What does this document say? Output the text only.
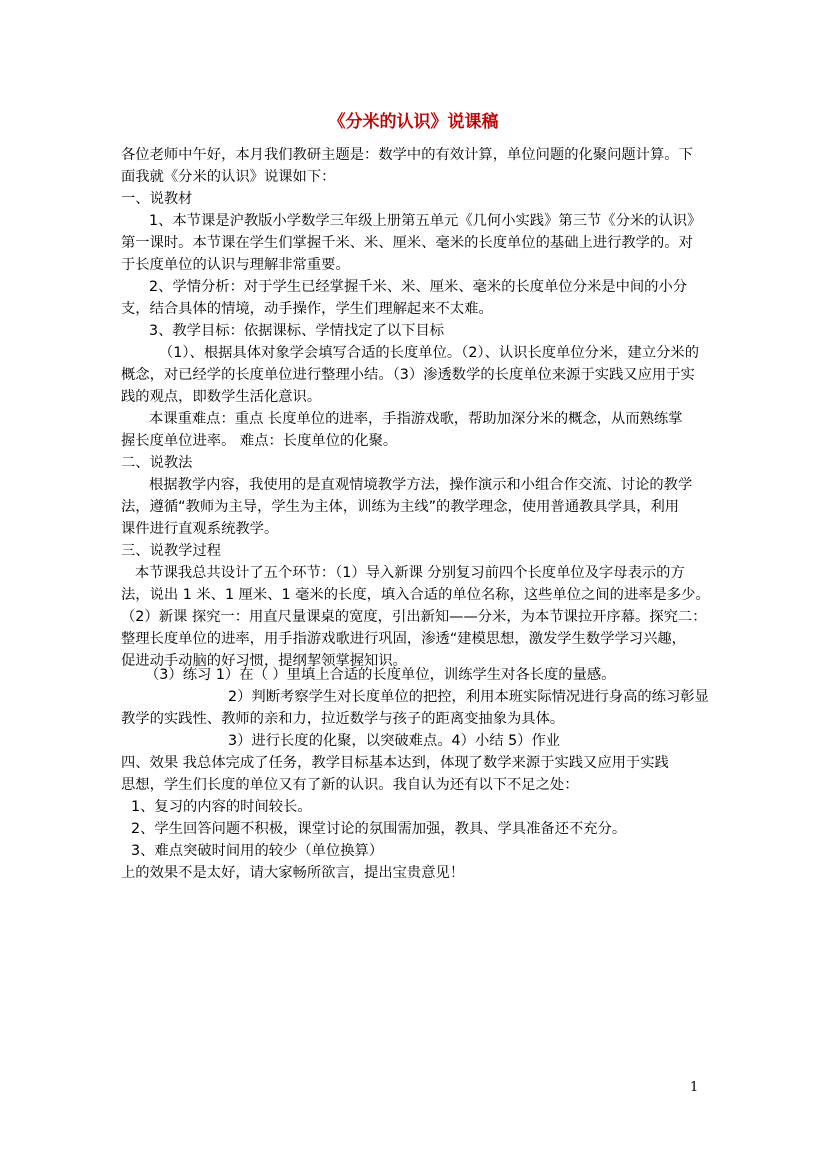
《分米的认识》说课稿
各位老师中午好，本月我们教研主题是：数学中的有效计算，单位问题的化聚问题计算。下
面我就《分米的认识》说课如下：
一、说教材
1、本节课是沪教版小学数学三年级上册第五单元《几何小实践》第三节《分米的认识》
第一课时。本节课在学生们掌握千米、米、厘米、毫米的长度单位的基础上进行教学的。对
于长度单位的认识与理解非常重要。
2、学情分析：对于学生已经掌握千米、米、厘米、毫米的长度单位分米是中间的小分
支，结合具体的情境，动手操作，学生们理解起来不太难。
3、教学目标：依据课标、学情找定了以下目标
（1）、根据具体对象学会填写合适的长度单位。（2）、认识长度单位分米，建立分米的
概念，对已经学的长度单位进行整理小结。（3）渗透数学的长度单位来源于实践又应用于实
践的观点，即数学生活化意识。
本课重难点：重点 长度单位的进率，手指游戏歌，帮助加深分米的概念，从而熟练掌
握长度单位进率。 难点：长度单位的化聚。
二、说教法
根据教学内容，我使用的是直观情境教学方法，操作演示和小组合作交流、讨论的教学
法，遵循“教师为主导，学生为主体，训练为主线”的教学理念，使用普通教具学具，利用
课件进行直观系统教学。
三、说教学过程
本节课我总共设计了五个环节：（1）导入新课 分别复习前四个长度单位及字母表示的方
法，说出 1 米、1 厘米、1 毫米的长度，填入合适的单位名称，这些单位之间的进率是多少。
（2）新课 探究一：用直尺量课桌的宽度，引出新知——分米，为本节课拉开序幕。探究二：
整理长度单位的进率，用手指游戏歌进行巩固，渗透“建模思想，激发学生数学学习兴趣，
促进动手动脑的好习惯，提纲挈领掌握知识。
（3）练习 1）在（ ）里填上合适的长度单位，训练学生对各长度的量感。
2）判断考察学生对长度单位的把控，利用本班实际情况进行身高的练习彰显
教学的实践性、教师的亲和力，拉近数学与孩子的距离变抽象为具体。
3）进行长度的化聚，以突破难点。4）小结 5）作业
四、效果 我总体完成了任务，教学目标基本达到，体现了数学来源于实践又应用于实践
思想，学生们长度的单位又有了新的认识。我自认为还有以下不足之处：
1、复习的内容的时间较长。
2、学生回答问题不积极，课堂讨论的氛围需加强，教具、学具准备还不充分。
3、难点突破时间用的较少（单位换算）
上的效果不是太好，请大家畅所欲言，提出宝贵意见！
1
